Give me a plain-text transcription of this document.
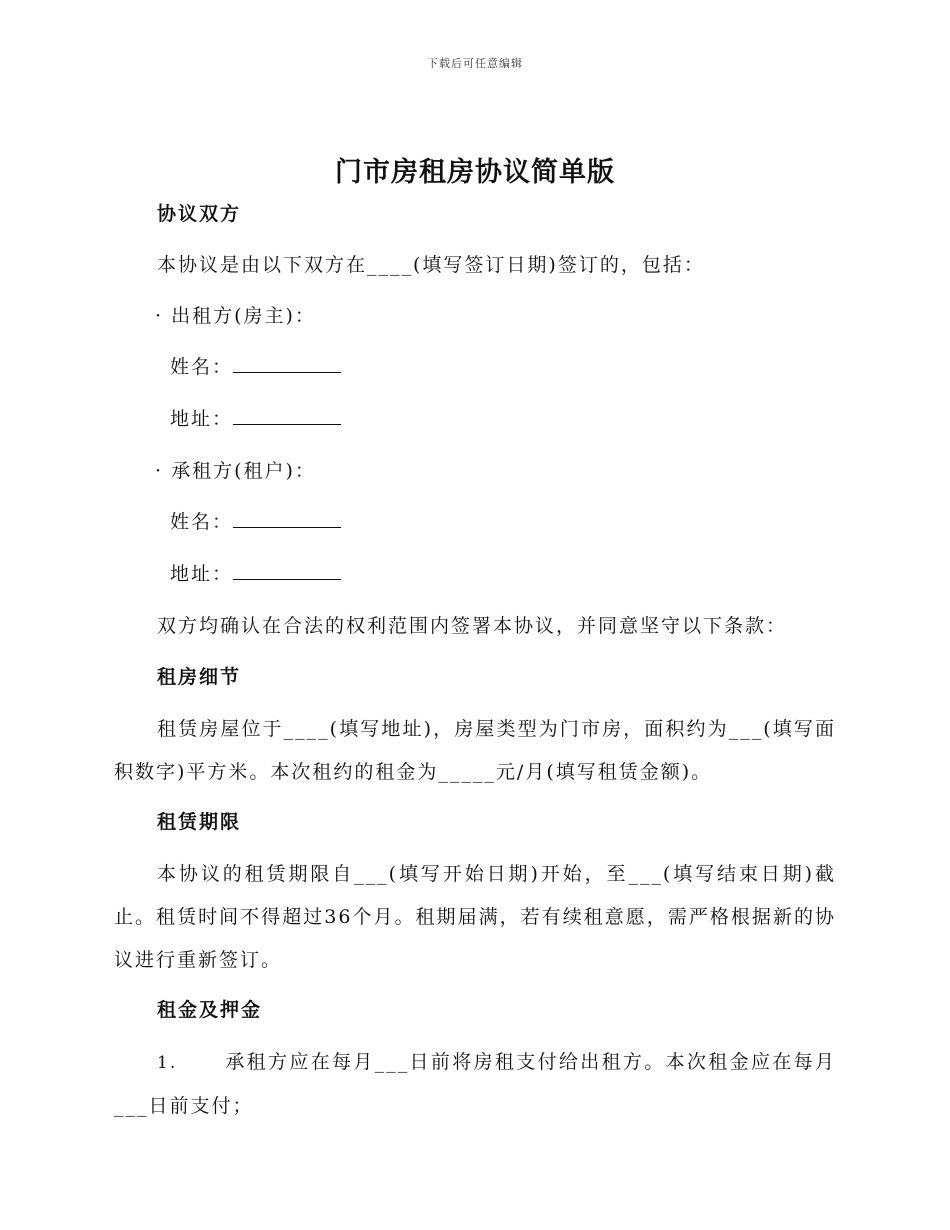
下载后可任意编辑
门市房租房协议简单版

协议双方

本协议是由以下双方在____(填写签订日期)签订的，包括：

· 出租方(房主)：

姓名：

地址：

· 承租方(租户)：

姓名：

地址：

双方均确认在合法的权利范围内签署本协议，并同意坚守以下条款：

租房细节

租赁房屋位于____(填写地址)，房屋类型为门市房，面积约为___(填写面积数字)平方米。本次租约的租金为_____元/月(填写租赁金额)。

租赁期限

本协议的租赁期限自___(填写开始日期)开始，至___(填写结束日期)截止。租赁时间不得超过36个月。租期届满，若有续租意愿，需严格根据新的协议进行重新签订。

租金及押金

1.	承租方应在每月___日前将房租支付给出租方。本次租金应在每月___日前支付；
